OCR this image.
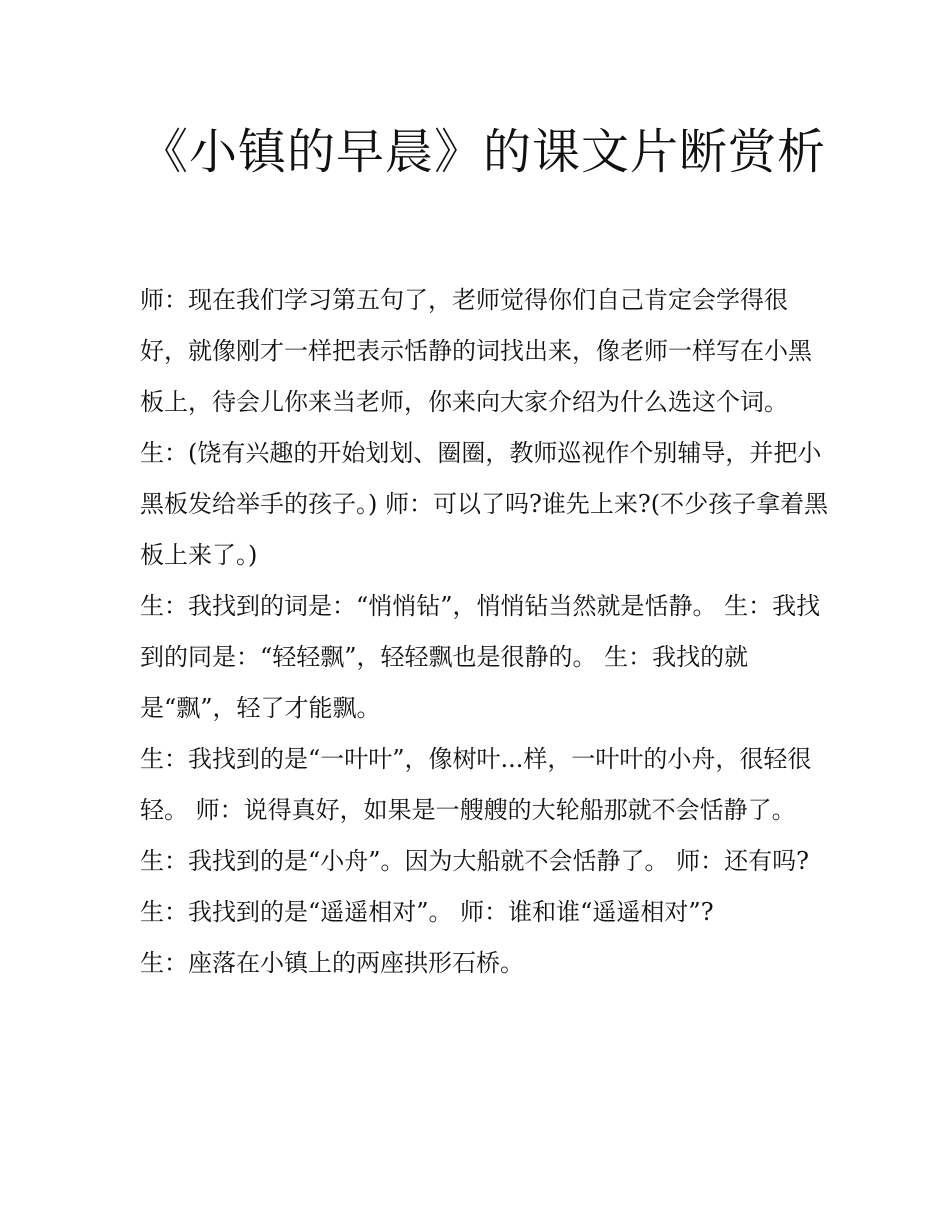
《小镇的早晨》的课文片断赏析

师：现在我们学习第五句了，老师觉得你们自己肯定会学得很好，就像刚才一样把表示恬静的词找出来，像老师一样写在小黑板上，待会儿你来当老师，你来向大家介绍为什么选这个词。

生：(饶有兴趣的开始划划、圈圈，教师巡视作个别辅导，并把小黑板发给举手的孩子。) 师：可以了吗?谁先上来?(不少孩子拿着黑板上来了。)

生：我找到的词是：“悄悄钻”，悄悄钻当然就是恬静。 生：我找到的同是：“轻轻飘”，轻轻飘也是很静的。 生：我找的就是“飘”，轻了才能飘。

生：我找到的是“一叶叶”，像树叶...样，一叶叶的小舟，很轻很轻。 师：说得真好，如果是一艘艘的大轮船那就不会恬静了。

生：我找到的是“小舟”。因为大船就不会恬静了。 师：还有吗? 生：我找到的是“遥遥相对”。 师：谁和谁“遥遥相对”?

生：座落在小镇上的两座拱形石桥。
